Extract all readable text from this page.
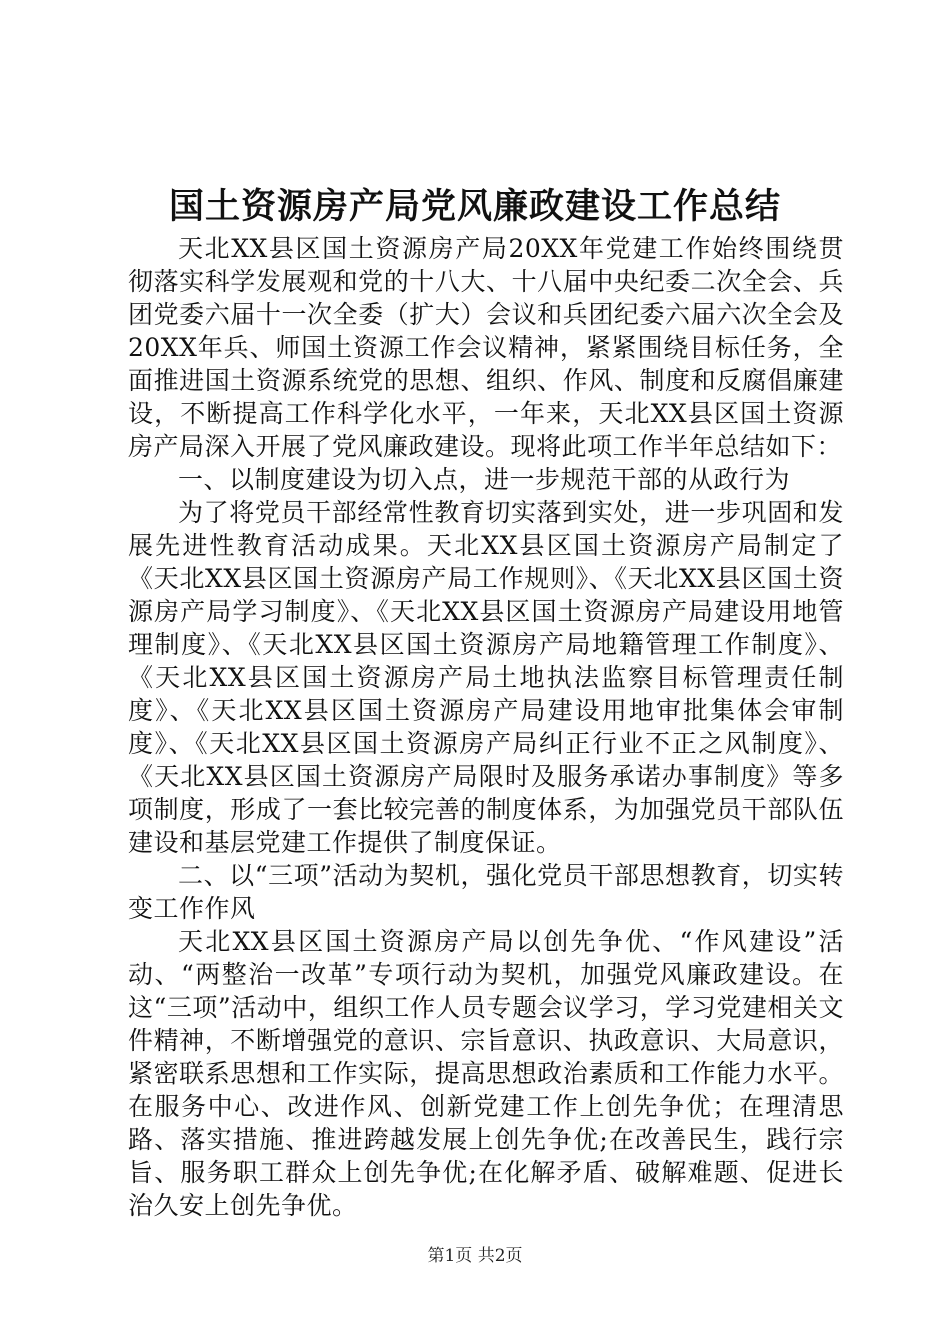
国土资源房产局党风廉政建设工作总结

天北XX县区国土资源房产局20XX年党建工作始终围绕贯彻落实科学发展观和党的十八大、十八届中央纪委二次全会、兵团党委六届十一次全委（扩大）会议和兵团纪委六届六次全会及20XX年兵、师国土资源工作会议精神，紧紧围绕目标任务，全面推进国土资源系统党的思想、组织、作风、制度和反腐倡廉建设，不断提高工作科学化水平，一年来，天北XX县区国土资源房产局深入开展了党风廉政建设。现将此项工作半年总结如下：

一、以制度建设为切入点，进一步规范干部的从政行为

为了将党员干部经常性教育切实落到实处，进一步巩固和发展先进性教育活动成果。天北XX县区国土资源房产局制定了《天北XX县区国土资源房产局工作规则》、《天北XX县区国土资源房产局学习制度》、《天北XX县区国土资源房产局建设用地管理制度》、《天北XX县区国土资源房产局地籍管理工作制度》、《天北XX县区国土资源房产局土地执法监察目标管理责任制度》、《天北XX县区国土资源房产局建设用地审批集体会审制度》、《天北XX县区国土资源房产局纠正行业不正之风制度》、《天北XX县区国土资源房产局限时及服务承诺办事制度》等多项制度，形成了一套比较完善的制度体系，为加强党员干部队伍建设和基层党建工作提供了制度保证。

二、以“三项”活动为契机，强化党员干部思想教育，切实转变工作作风

天北XX县区国土资源房产局以创先争优、“作风建设”活动、“两整治一改革”专项行动为契机，加强党风廉政建设。在这“三项”活动中，组织工作人员专题会议学习，学习党建相关文件精神，不断增强党的意识、宗旨意识、执政意识、大局意识，紧密联系思想和工作实际，提高思想政治素质和工作能力水平。在服务中心、改进作风、创新党建工作上创先争优；在理清思路、落实措施、推进跨越发展上创先争优;在改善民生，践行宗旨、服务职工群众上创先争优;在化解矛盾、破解难题、促进长治久安上创先争优。

第1页 共2页
